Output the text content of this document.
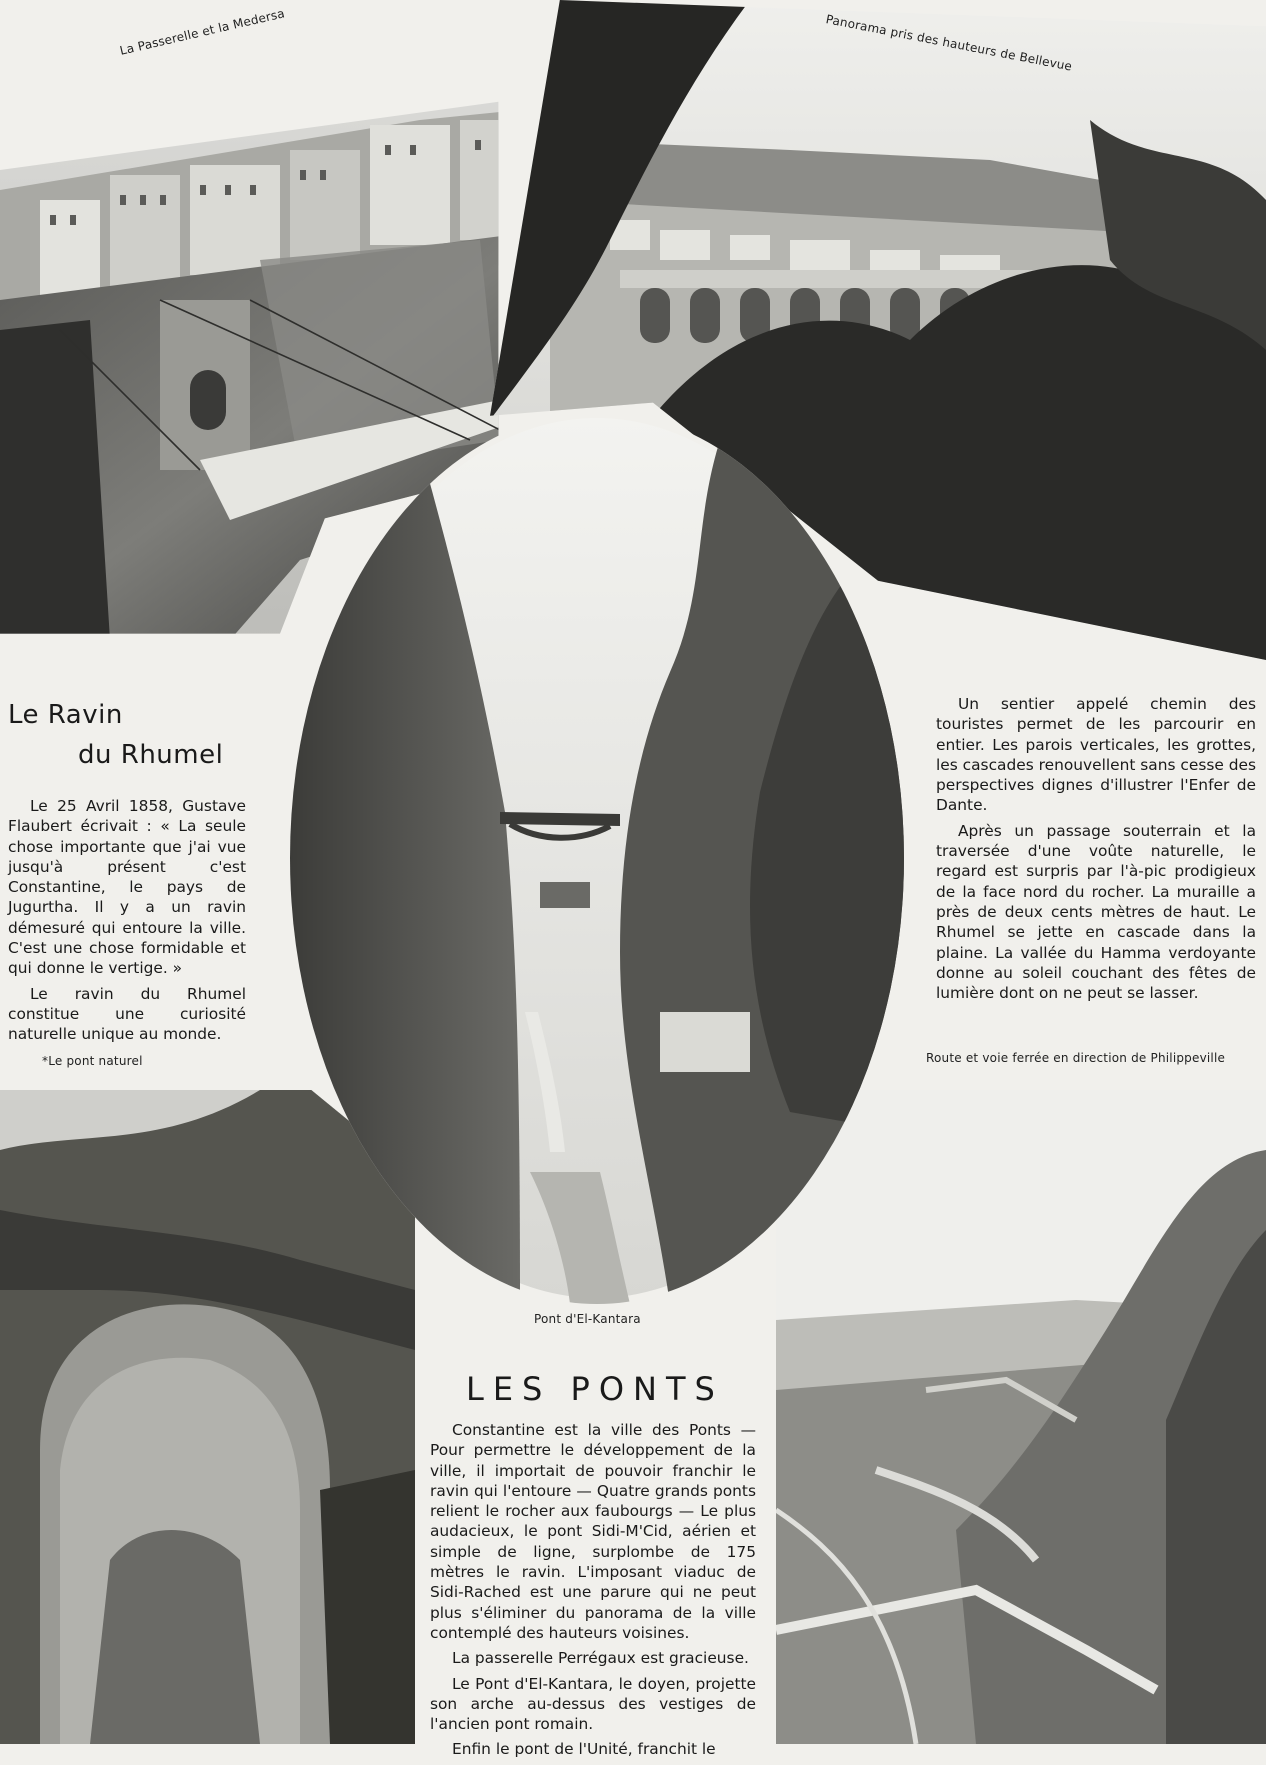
La Passerelle et la Medersa	Panorama pris des hauteurs de Bellevue
*Le pont naturel	Route et voie ferrée en direction de Philippeville
Pont d'El-Kantara
Le Ravin
du Rhumel

Le 25 Avril 1858, Gustave Flaubert écrivait : « La seule chose importante que j'ai vue jusqu'à présent c'est Constantine, le pays de Jugurtha. Il y a un ravin démesuré qui entoure la ville. C'est une chose formidable et qui donne le vertige. »

Le ravin du Rhumel constitue une curiosité naturelle unique au monde.

Un sentier appelé chemin des touristes permet de les parcourir en entier. Les parois verticales, les grottes, les cascades renouvellent sans cesse des perspectives dignes d'illustrer l'Enfer de Dante.

Après un passage souterrain et la traversée d'une voûte naturelle, le regard est surpris par l'à-pic prodigieux de la face nord du rocher. La muraille a près de deux cents mètres de haut. Le Rhumel se jette en cascade dans la plaine. La vallée du Hamma verdoyante donne au soleil couchant des fêtes de lumière dont on ne peut se lasser.

LES PONTS

Constantine est la ville des Ponts — Pour permettre le développement de la ville, il importait de pouvoir franchir le ravin qui l'entoure — Quatre grands ponts relient le rocher aux faubourgs — Le plus audacieux, le pont Sidi-M'Cid, aérien et simple de ligne, surplombe de 175 mètres le ravin. L'imposant viaduc de Sidi-Rached est une parure qui ne peut plus s'éliminer du panorama de la ville contemplé des hauteurs voisines.

La passerelle Perrégaux est gracieuse.

Le Pont d'El-Kantara, le doyen, projette son arche au-dessus des vestiges de l'ancien pont romain.

Enfin le pont de l'Unité, franchit le
